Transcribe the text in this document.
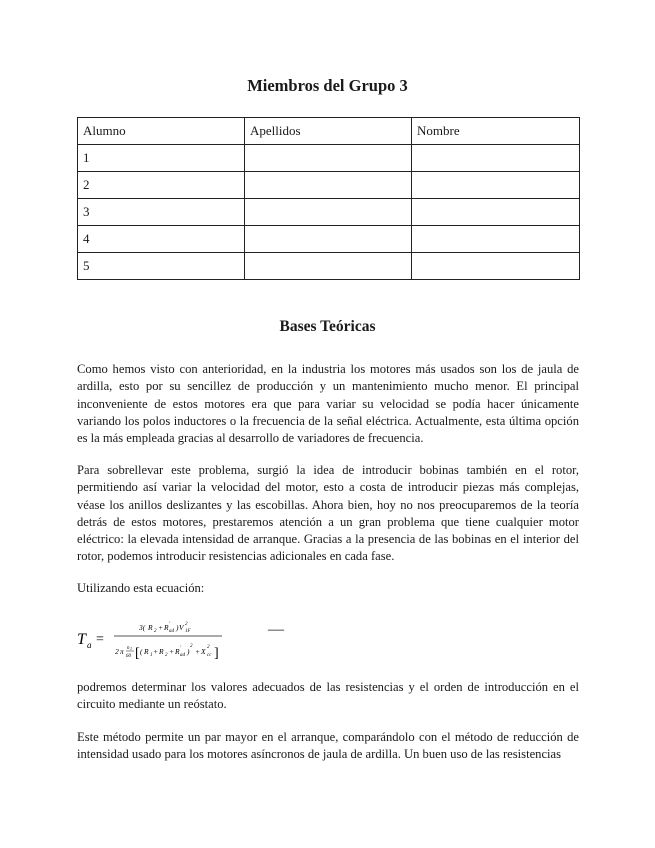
Miembros del Grupo 3
Alumno	Apellidos	Nombre
1		
2		
3		
4		
5		
Bases Teóricas

Como hemos visto con anterioridad, en la industria los motores más usados son los de jaula de ardilla, esto por su sencillez de producción y un mantenimiento mucho menor. El principal inconveniente de estos motores era que para variar su velocidad se podía hacer únicamente variando los polos inductores o la frecuencia de la señal eléctrica. Actualmente, esta última opción es la más empleada gracias al desarrollo de variadores de frecuencia.

Para sobrellevar este problema, surgió la idea de introducir bobinas también en el rotor, permitiendo así variar la velocidad del motor, esto a costa de introducir piezas más complejas, véase los anillos deslizantes y las escobillas. Ahora bien, hoy no nos preocuparemos de la teoría detrás de estos motores, prestaremos atención a un gran problema que tiene cualquier motor eléctrico: la elevada intensidad de arranque. Gracias a la presencia de las bobinas en el interior del rotor, podemos introducir resistencias adicionales en cada fase.

Utilizando esta ecuación:

T a =
3( R 2 + R '
ad ) V 2
1F
2 π n 1
60 [ ( R 1 + R 2 + R '
ad )
2
+ X 2
cc ]
—

podremos determinar los valores adecuados de las resistencias y el orden de introducción en el circuito mediante un reóstato.

Este método permite un par mayor en el arranque, comparándolo con el método de reducción de intensidad usado para los motores asíncronos de jaula de ardilla. Un buen uso de las resistencias
